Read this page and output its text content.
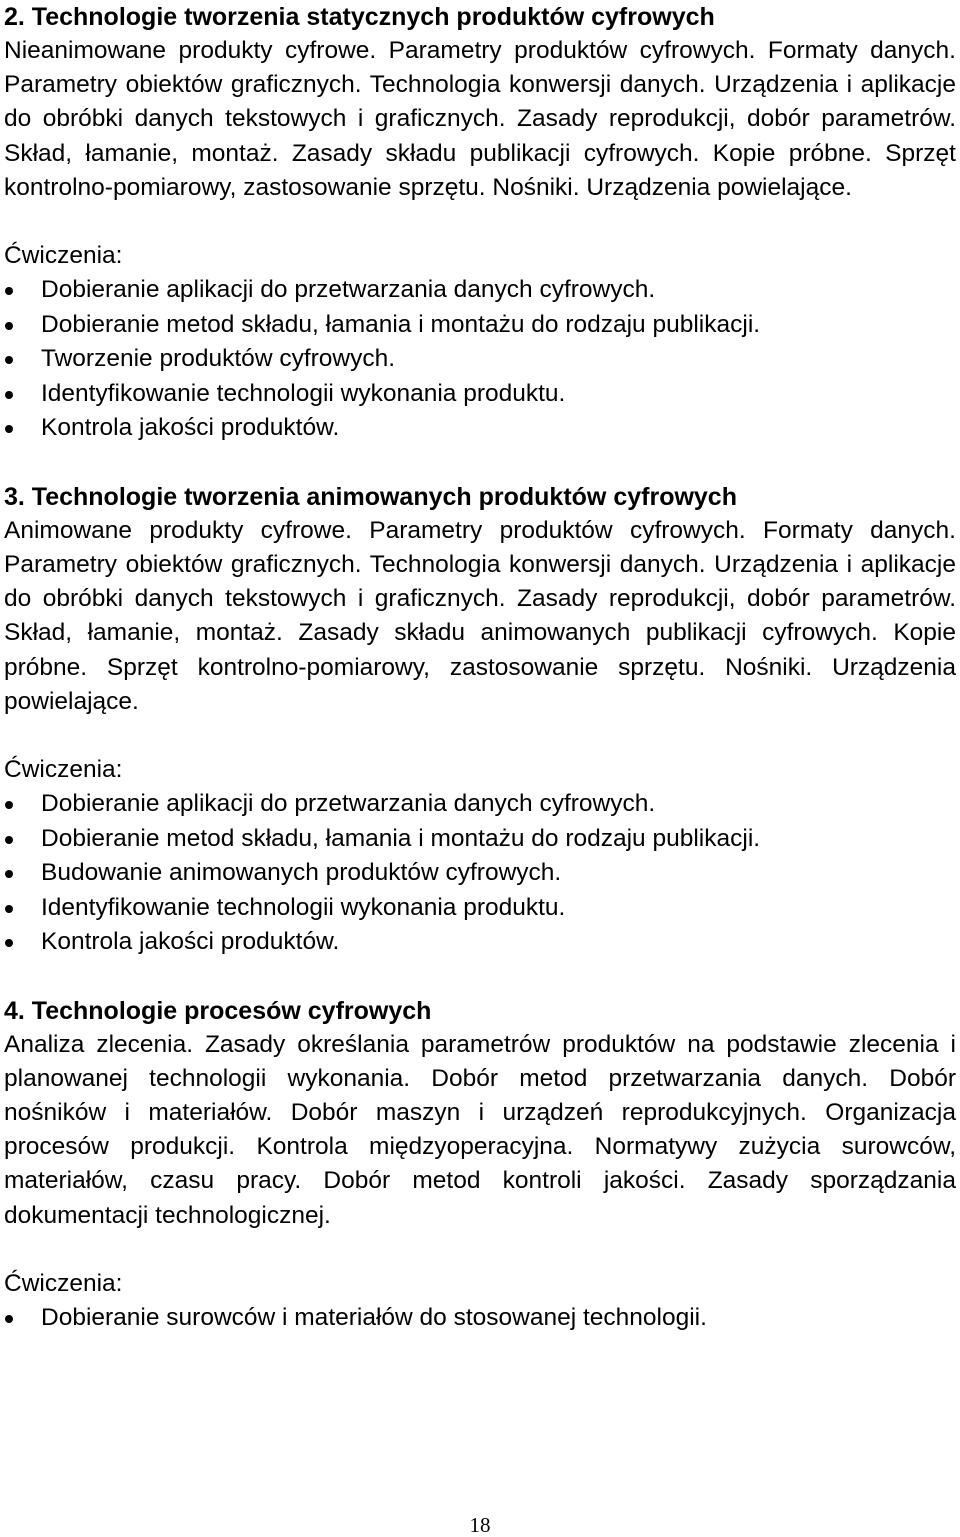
2. Technologie tworzenia statycznych produktów cyfrowych
Nieanimowane produkty cyfrowe. Parametry produktów cyfrowych. Formaty danych. Parametry obiektów graficznych. Technologia konwersji danych. Urządzenia i aplikacje do obróbki danych tekstowych i graficznych. Zasady reprodukcji, dobór parametrów. Skład, łamanie, montaż. Zasady składu publikacji cyfrowych. Kopie próbne. Sprzęt kontrolno-pomiarowy, zastosowanie sprzętu. Nośniki. Urządzenia powielające.
Ćwiczenia:
Dobieranie aplikacji do przetwarzania danych cyfrowych.
Dobieranie metod składu, łamania i montażu do rodzaju publikacji.
Tworzenie produktów cyfrowych.
Identyfikowanie technologii wykonania produktu.
Kontrola jakości produktów.
3. Technologie tworzenia animowanych produktów cyfrowych
Animowane produkty cyfrowe. Parametry produktów cyfrowych. Formaty danych. Parametry obiektów graficznych. Technologia konwersji danych. Urządzenia i aplikacje do obróbki danych tekstowych i graficznych. Zasady reprodukcji, dobór parametrów. Skład, łamanie, montaż. Zasady składu animowanych publikacji cyfrowych. Kopie próbne. Sprzęt kontrolno-pomiarowy, zastosowanie sprzętu. Nośniki. Urządzenia powielające.
Ćwiczenia:
Dobieranie aplikacji do przetwarzania danych cyfrowych.
Dobieranie metod składu, łamania i montażu do rodzaju publikacji.
Budowanie animowanych produktów cyfrowych.
Identyfikowanie technologii wykonania produktu.
Kontrola jakości produktów.
4. Technologie procesów cyfrowych
Analiza zlecenia. Zasady określania parametrów produktów na podstawie zlecenia i planowanej technologii wykonania. Dobór metod przetwarzania danych. Dobór nośników i materiałów. Dobór maszyn i urządzeń reprodukcyjnych. Organizacja procesów produkcji. Kontrola międzyoperacyjna. Normatywy zużycia surowców, materiałów, czasu pracy. Dobór metod kontroli jakości. Zasady sporządzania dokumentacji technologicznej.
Ćwiczenia:
Dobieranie surowców i materiałów do stosowanej technologii.
18
